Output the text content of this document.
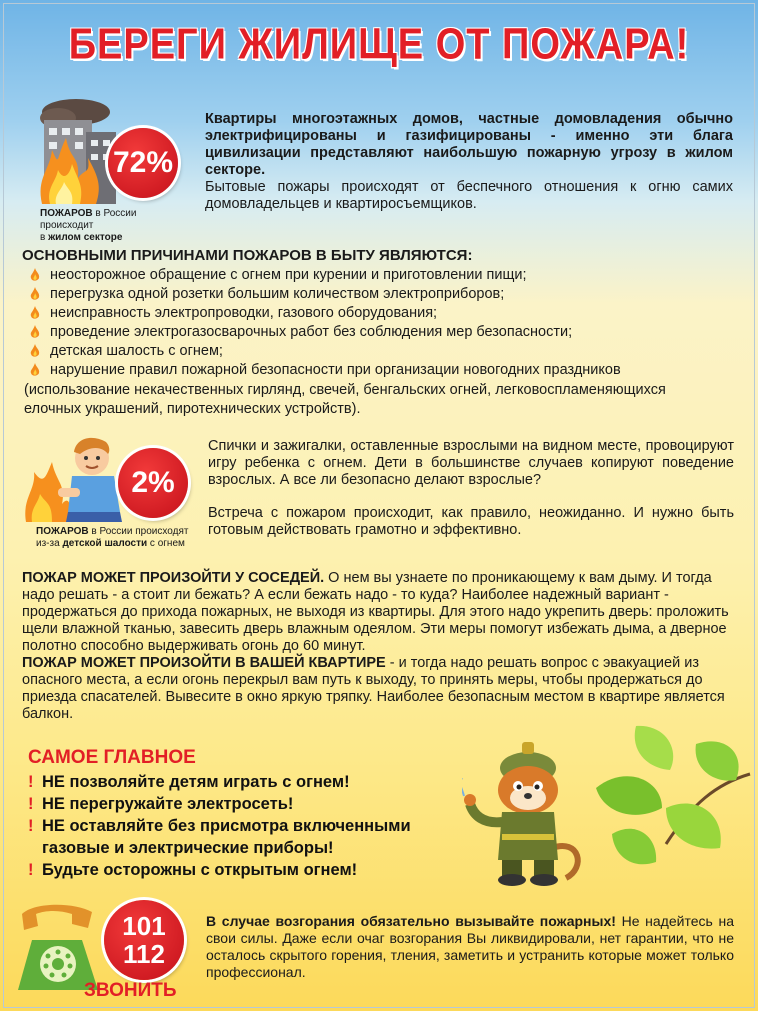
БЕРЕГИ ЖИЛИЩЕ ОТ ПОЖАРА!
72%
ПОЖАРОВ в России происходит
в жилом секторе
Квартиры многоэтажных домов, частные домовладения обычно электрифицированы и газифицированы - именно эти блага цивилизации представляют наибольшую пожарную угрозу в жилом секторе.
Бытовые пожары происходят от беспечного отношения к огню самих домовладельцев и квартиросъемщиков.
ОСНОВНЫМИ ПРИЧИНАМИ ПОЖАРОВ В БЫТУ ЯВЛЯЮТСЯ:
неосторожное обращение с огнем при курении и приготовлении пищи;
перегрузка одной розетки большим количеством электроприборов;
неисправность электропроводки, газового оборудования;
проведение электрогазосварочных работ без соблюдения мер безопасности;
детская шалость с огнем;
нарушение правил пожарной безопасности при организации новогодних праздников
(использование некачественных гирлянд, свечей, бенгальских огней, легковоспламеняющихся елочных украшений, пиротехнических устройств).
2%
ПОЖАРОВ в России происходят
из-за детской шалости с огнем
Спички и зажигалки, оставленные взрослыми на видном месте, провоцируют игру ребенка с огнем. Дети в большинстве случаев копируют поведение взрослых. А все ли безопасно делают взрослые?
Встреча с пожаром происходит, как правило, неожиданно. И нужно быть готовым действовать грамотно и эффективно.
ПОЖАР МОЖЕТ ПРОИЗОЙТИ У СОСЕДЕЙ. О нем вы узнаете по проникающему к вам дыму. И тогда надо решать - а стоит ли бежать? А если бежать надо - то куда? Наиболее надежный вариант - продержаться до прихода пожарных, не выходя из квартиры. Для этого надо укрепить дверь: проложить щели влажной тканью, завесить дверь влажным одеялом. Эти меры помогут избежать дыма, а дверное полотно способно выдерживать огонь до 60 минут.
ПОЖАР МОЖЕТ ПРОИЗОЙТИ В ВАШЕЙ КВАРТИРЕ - и тогда надо решать вопрос с эвакуацией из опасного места, а если огонь перекрыл вам путь к выходу, то принять меры, чтобы продержаться до приезда спасателей. Вывесите в окно яркую тряпку. Наиболее безопасным местом в квартире является балкон.
САМОЕ ГЛАВНОЕ
! НЕ позволяйте детям играть с огнем!
! НЕ перегружайте электросеть!
! НЕ оставляйте без присмотра включенными
газовые и электрические приборы!
! Будьте осторожны с открытым огнем!
101
112
ЗВОНИТЬ
В случае возгорания обязательно вызывайте пожарных! Не надейтесь на свои силы. Даже если очаг возгорания Вы ликвидировали, нет гарантии, что не осталось скрытого горения, тления, заметить и устранить которые может только профессионал.
